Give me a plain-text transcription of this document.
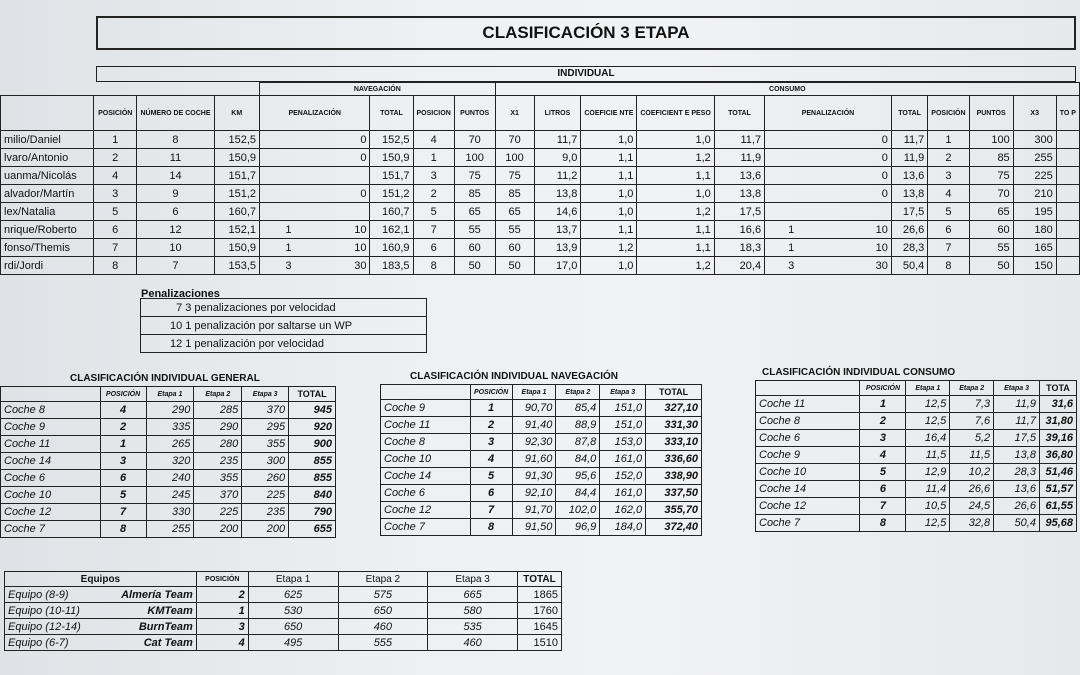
CLASIFICACIÓN 3 ETAPA
INDIVIDUAL
				NAVEGACIÓN					CONSUMO											
	POSICIÓN	NÚMERO DE COCHE	KM	PENALIZACIÓN		TOTAL	POSICION	PUNTOS	X1	LITROS	COEFICIE NTE	COEFICIENT E PESO	TOTAL	PENALIZACIÓN		TOTAL	POSICIÓN	PUNTOS	X3	TO P
milio/Daniel	1	8	152,5		0	152,5	4	70	70	11,7	1,0	1,0	11,7		0	11,7	1	100	300	
lvaro/Antonio	2	11	150,9		0	150,9	1	100	100	9,0	1,1	1,2	11,9		0	11,9	2	85	255	
uanma/Nicolás	4	14	151,7			151,7	3	75	75	11,2	1,1	1,1	13,6		0	13,6	3	75	225	
alvador/Martín	3	9	151,2		0	151,2	2	85	85	13,8	1,0	1,0	13,8		0	13,8	4	70	210	
lex/Natalia	5	6	160,7			160,7	5	65	65	14,6	1,0	1,2	17,5			17,5	5	65	195	
nrique/Roberto	6	12	152,1	1	10	162,1	7	55	55	13,7	1,1	1,1	16,6	1	10	26,6	6	60	180	
fonso/Themis	7	10	150,9	1	10	160,9	6	60	60	13,9	1,2	1,1	18,3	1	10	28,3	7	55	165	
rdi/Jordi	8	7	153,5	3	30	183,5	8	50	50	17,0	1,0	1,2	20,4	3	30	50,4	8	50	150	
Penalizaciones
7	3 penalizaciones por velocidad
10	1 penalización por saltarse un WP
12	1 penalización por velocidad
CLASIFICACIÓN INDIVIDUAL GENERAL
	POSICIÓN	Etapa 1	Etapa 2	Etapa 3	TOTAL
Coche 8	4	290	285	370	945
Coche 9	2	335	290	295	920
Coche 11	1	265	280	355	900
Coche 14	3	320	235	300	855
Coche 6	6	240	355	260	855
Coche 10	5	245	370	225	840
Coche 12	7	330	225	235	790
Coche 7	8	255	200	200	655
CLASIFICACIÓN INDIVIDUAL NAVEGACIÓN
	POSICIÓN	Etapa 1	Etapa 2	Etapa 3	TOTAL
Coche 9	1	90,70	85,4	151,0	327,10
Coche 11	2	91,40	88,9	151,0	331,30
Coche 8	3	92,30	87,8	153,0	333,10
Coche 10	4	91,60	84,0	161,0	336,60
Coche 14	5	91,30	95,6	152,0	338,90
Coche 6	6	92,10	84,4	161,0	337,50
Coche 12	7	91,70	102,0	162,0	355,70
Coche 7	8	91,50	96,9	184,0	372,40
CLASIFICACIÓN INDIVIDUAL CONSUMO
	POSICIÓN	Etapa 1	Etapa 2	Etapa 3	TOTA
Coche 11	1	12,5	7,3	11,9	31,6
Coche 8	2	12,5	7,6	11,7	31,80
Coche 6	3	16,4	5,2	17,5	39,16
Coche 9	4	11,5	11,5	13,8	36,80
Coche 10	5	12,9	10,2	28,3	51,46
Coche 14	6	11,4	26,6	13,6	51,57
Coche 12	7	10,5	24,5	26,6	61,55
Coche 7	8	12,5	32,8	50,4	95,68
Equipos		POSICIÓN	Etapa 1	Etapa 2	Etapa 3	TOTAL
Equipo (8-9)	Almería Team	2	625	575	665	1865
Equipo (10-11)	KMTeam	1	530	650	580	1760
Equipo (12-14)	BurnTeam	3	650	460	535	1645
Equipo (6-7)	Cat Team	4	495	555	460	1510
